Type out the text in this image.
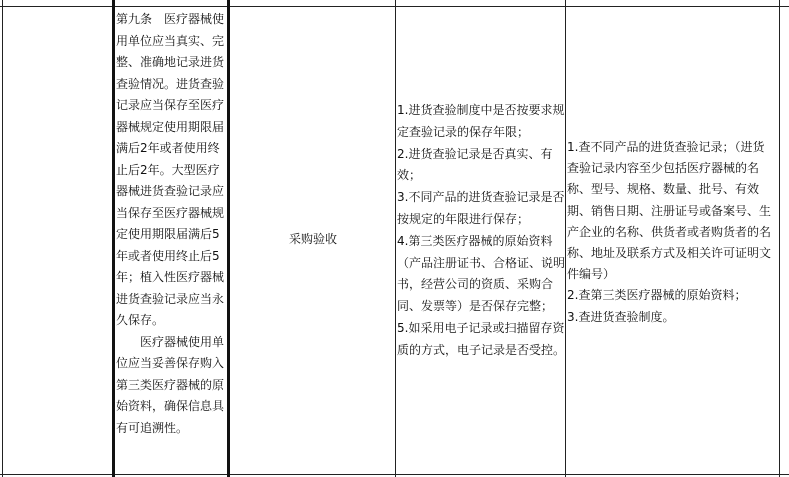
第九条　医疗器械使
用单位应当真实、完
整、准确地记录进货
查验情况。进货查验
记录应当保存至医疗
器械规定使用期限届
满后2年或者使用终
止后2年。大型医疗
器械进货查验记录应
当保存至医疗器械规
定使用期限届满后5
年或者使用终止后5
年；植入性医疗器械
进货查验记录应当永
久保存。
医疗器械使用单
位应当妥善保存购入
第三类医疗器械的原
始资料，确保信息具
有可追溯性。
采购验收
1.进货查验制度中是否按要求规
定查验记录的保存年限；
2.进货查验记录是否真实、有
效；
3.不同产品的进货查验记录是否
按规定的年限进行保存；
4.第三类医疗器械的原始资料
（产品注册证书、合格证、说明
书，经营公司的资质、采购合
同、发票等）是否保存完整；
5.如采用电子记录或扫描留存资
质的方式，电子记录是否受控。
1.查不同产品的进货查验记录；（进货
查验记录内容至少包括医疗器械的名
称、型号、规格、数量、批号、有效
期、销售日期、注册证号或备案号、生
产企业的名称、供货者或者购货者的名
称、地址及联系方式及相关许可证明文
件编号）
2.查第三类医疗器械的原始资料；
3.查进货查验制度。
